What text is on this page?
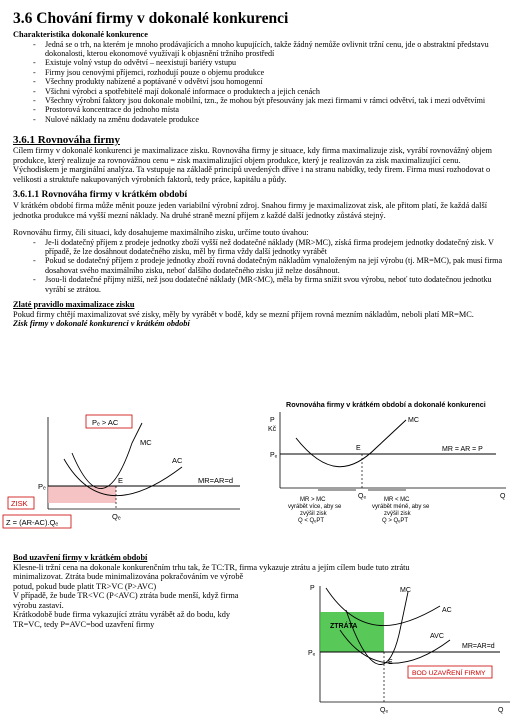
3.6 Chování firmy v dokonalé konkurenci
Charakteristika dokonalé konkurence
- Jedná se o trh, na kterém je mnoho prodávajících a mnoho kupujících, takže žádný nemůže ovlivnit tržní cenu, jde o abstraktní představu dokonalosti, kterou ekonomové využívají k objasnění tržního prostředí
- Existuje volný vstup do odvětví – neexistují bariéry vstupu
- Firmy jsou cenovými příjemci, rozhodují pouze o objemu produkce
- Všechny produkty nabízené a poptávané v odvětví jsou homogenní
- Všichni výrobci a spotřebitelé mají dokonalé informace o produktech a jejich cenách
- Všechny výrobní faktory jsou dokonale mobilní, tzn., že mohou být přesouvány jak mezi firmami v rámci odvětví, tak i mezi odvětvími
- Prostorová koncentrace do jednoho místa
- Nulové náklady na změnu dodavatele produkce
3.6.1 Rovnováha firmy

Cílem firmy v dokonalé konkurenci je maximalizace zisku. Rovnováha firmy je situace, kdy firma maximalizuje zisk, vyrábí rovnovážný objem produkce, který realizuje za rovnovážnou cenu = zisk maximalizující objem produkce, který je realizován za zisk maximalizující cenu.

Východiskem je marginální analýza. Ta vstupuje na základě principů uvedených dříve i na stranu nabídky, tedy firem. Firma musí rozhodovat o velikosti a struktuře nakupovaných výrobních faktorů, tedy práce, kapitálu a půdy.

3.6.1.1 Rovnováha firmy v krátkém období

V krátkém období firma může měnit pouze jeden variabilní výrobní zdroj. Snahou firmy je maximalizovat zisk, ale přitom platí, že každá další jednotka produkce má vyšší mezní náklady. Na druhé straně mezní příjem z každé další jednotky zůstává stejný.

Rovnováhu firmy, čili situaci, kdy dosahujeme maximálního zisku, určíme touto úvahou:

- Je-li dodatečný příjem z prodeje jednotky zboží vyšší než dodatečné náklady (MR>MC), získá firma prodejem jednotky dodatečný zisk. V případě, že lze dosáhnout dodatečného zisku, měl by firma vždy další jednotky vyrábět
- Pokud se dodatečný příjem z prodeje jednotky zboží rovná dodatečným nákladům vynaloženým na její výrobu (tj. MR=MC), pak musí firma dosahovat svého maximálního zisku, neboť dalšího dodatečného zisku již nelze dosáhnout.
- Jsou-li dodatečné příjmy nižší, než jsou dodatečné náklady (MR<MC), měla by firma snížit svou výrobu, neboť tuto dodatečnou jednotku vyrábí se ztrátou.
Zlaté pravidlo maximalizace zisku

Pokud firmy chtějí maximalizovat své zisky, měly by vyrábět v bodě, kdy se mezní příjem rovná mezním nákladům, neboli platí MR=MC.

Zisk firmy v dokonalé konkurenci v krátkém období
Pₑ > AC
MC
AC
MR=AR=d
Pₑ
E
Qₑ
ZISK
Z = (AR-AC).Qₑ
Rovnováha firmy v krátkém období a dokonalé konkurenci
P
Kč
MC
MR = AR = P
Pₑ
E
Qₑ	Q
MR > MC
vyrábět více, aby se
zvýšil zisk
Q < QₑPT
MR < MC
vyrábět méně, aby se
zvýšil zisk
Q > QₑPT
Bod uzavření firmy v krátkém období

Klesne-li tržní cena na dokonale konkurenčním trhu tak, že TC:TR, firma vykazuje ztrátu a jejím cílem bude tuto ztrátu

minimalizovat. Ztráta bude minimalizována pokračováním ve výrobě

potud, pokud bude platit TR>VC (P>AVC)

V případě, že bude TR<VC (P<AVC) ztráta bude menší, když firma

výrobu zastaví.

Krátkodobě bude firma vykazující ztrátu vyrábět až do bodu, kdy

TR=VC, tedy P=AVC=bod uzavření firmy

P	MC
AC
AVC
MR=AR=d
ZTRÁTA
Pₑ
E
Qₑ	Q
BOD UZAVŘENÍ FIRMY
